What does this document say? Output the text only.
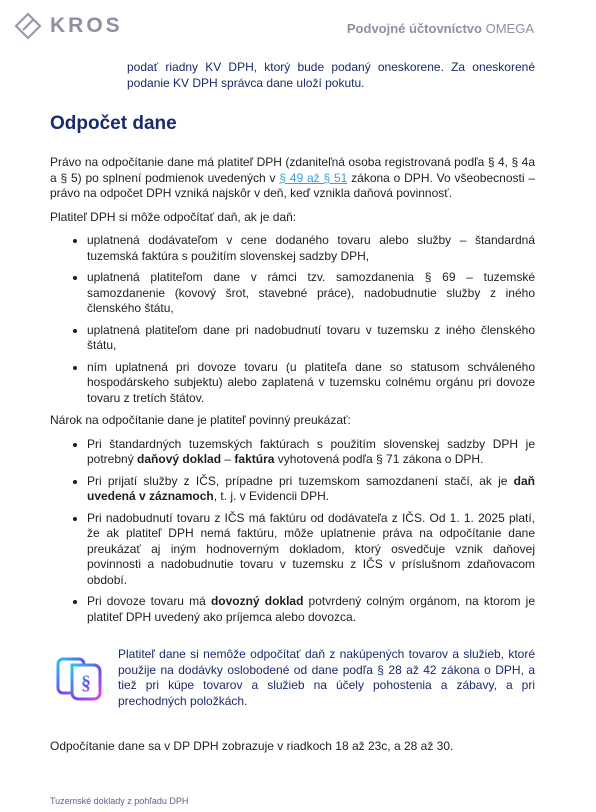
KROS	Podvojné účtovníctvo OMEGA
podať riadny KV DPH, ktorý bude podaný oneskorene. Za oneskorené podanie KV DPH správca dane uloží pokutu.
Odpočet dane

Právo na odpočítanie dane má platiteľ DPH (zdaniteľná osoba registrovaná podľa § 4, § 4a a § 5) po splnení podmienok uvedených v § 49 až § 51 zákona o DPH. Vo všeobecnosti – právo na odpočet DPH vzniká najskôr v deň, keď vznikla daňová povinnosť.

Platiteľ DPH si môže odpočítať daň, ak je daň:

• uplatnená dodávateľom v cene dodaného tovaru alebo služby – štandardná tuzemská faktúra s použitím slovenskej sadzby DPH,
• uplatnená platiteľom dane v rámci tzv. samozdanenia § 69 – tuzemské samozdanenie (kovový šrot, stavebné práce), nadobudnutie služby z iného členského štátu,
• uplatnená platiteľom dane pri nadobudnutí tovaru v tuzemsku z iného členského štátu,
• ním uplatnená pri dovoze tovaru (u platiteľa dane so statusom schváleného hospodárskeho subjektu) alebo zaplatená v tuzemsku colnému orgánu pri dovoze tovaru z tretích štátov.

Nárok na odpočítanie dane je platiteľ povinný preukázať:

• Pri štandardných tuzemských faktúrach s použitím slovenskej sadzby DPH je potrebný daňový doklad – faktúra vyhotovená podľa § 71 zákona o DPH.
• Pri prijatí služby z IČS, prípadne pri tuzemskom samozdanení stačí, ak je daň uvedená v záznamoch, t. j. v Evidencii DPH.
• Pri nadobudnutí tovaru z IČS má faktúru od dodávateľa z IČS. Od 1. 1. 2025 platí, že ak platiteľ DPH nemá faktúru, môže uplatnenie práva na odpočítanie dane preukázať aj iným hodnoverným dokladom, ktorý osvedčuje vznik daňovej povinnosti a nadobudnutie tovaru v tuzemsku z IČS v príslušnom zdaňovacom období.
• Pri dovoze tovaru má dovozný doklad potvrdený colným orgánom, na ktorom je platiteľ DPH uvedený ako príjemca alebo dovozca.
§
Platiteľ dane si nemôže odpočítať daň z nakúpených tovarov a služieb, ktoré použije na dodávky oslobodené od dane podľa § 28 až 42 zákona o DPH, a tiež pri kúpe tovarov a služieb na účely pohostenia a zábavy, a pri prechodných položkách.

Odpočítanie dane sa v DP DPH zobrazuje v riadkoch 18 až 23c, a 28 až 30.

Tuzemské doklady z pohľadu DPH
